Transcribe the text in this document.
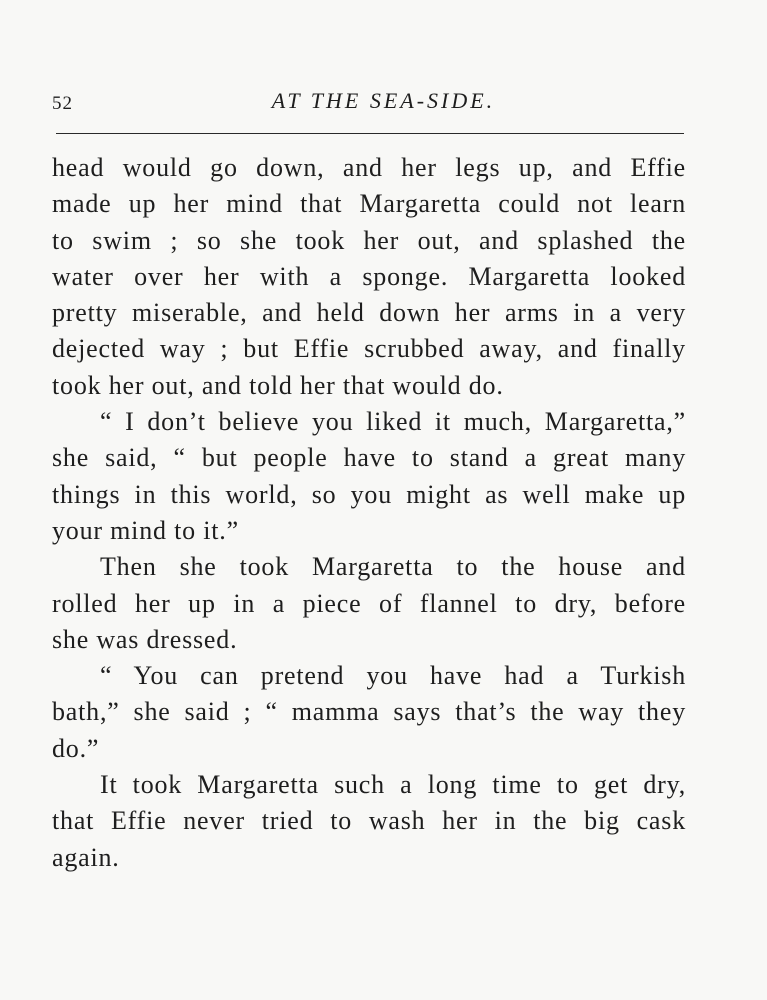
52	AT THE SEA-SIDE.
head would go down, and her legs up, and Effie
made up her mind that Margaretta could not learn
to swim ; so she took her out, and splashed the
water over her with a sponge. Margaretta looked
pretty miserable, and held down her arms in a very
dejected way ; but Effie scrubbed away, and finally
took her out, and told her that would do.
“ I don’t believe you liked it much, Margaretta,”
she said, “ but people have to stand a great many
things in this world, so you might as well make up
your mind to it.”
Then she took Margaretta to the house and
rolled her up in a piece of flannel to dry, before
she was dressed.
“ You can pretend you have had a Turkish
bath,” she said ; “ mamma says that’s the way they
do.”
It took Margaretta such a long time to get dry,
that Effie never tried to wash her in the big cask
again.
